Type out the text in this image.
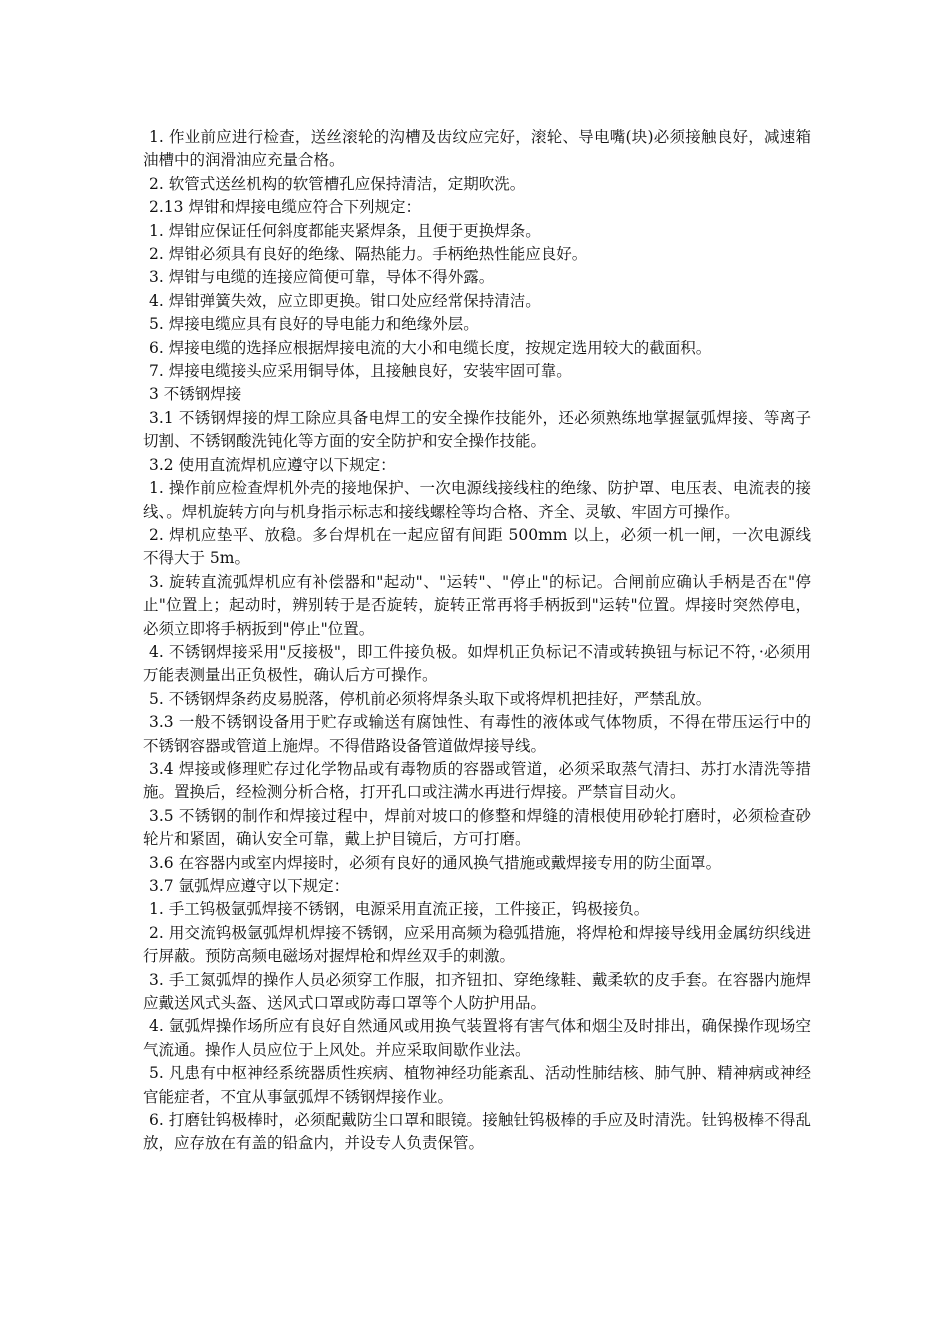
1. 作业前应进行检查，送丝滚轮的沟槽及齿纹应完好，滚轮、导电嘴(块)必须接触良好，减速箱油槽中的润滑油应充量合格。

2. 软管式送丝机构的软管槽孔应保持清洁，定期吹洗。

2.13 焊钳和焊接电缆应符合下列规定：

1. 焊钳应保证任何斜度都能夹紧焊条，且便于更换焊条。

2. 焊钳必须具有良好的绝缘、隔热能力。手柄绝热性能应良好。

3. 焊钳与电缆的连接应简便可靠，导体不得外露。

4. 焊钳弹簧失效，应立即更换。钳口处应经常保持清洁。

5. 焊接电缆应具有良好的导电能力和绝缘外层。

6. 焊接电缆的选择应根据焊接电流的大小和电缆长度，按规定选用较大的截面积。

7. 焊接电缆接头应采用铜导体，且接触良好，安装牢固可靠。

3 不锈钢焊接

3.1 不锈钢焊接的焊工除应具备电焊工的安全操作技能外，还必须熟练地掌握氩弧焊接、等离子切割、不锈钢酸洗钝化等方面的安全防护和安全操作技能。

3.2 使用直流焊机应遵守以下规定：

1. 操作前应检查焊机外壳的接地保护、一次电源线接线柱的绝缘、防护罩、电压表、电流表的接线、。焊机旋转方向与机身指示标志和接线螺栓等均合格、齐全、灵敏、牢固方可操作。

2. 焊机应垫平、放稳。多台焊机在一起应留有间距 500mm 以上，必须一机一闸，一次电源线不得大于 5m。

3. 旋转直流弧焊机应有补偿器和"起动"、"运转"、"停止"的标记。合闸前应确认手柄是否在"停止"位置上；起动时，辨别转于是否旋转，旋转正常再将手柄扳到"运转"位置。焊接时突然停电，必须立即将手柄扳到"停止"位置。

4. 不锈钢焊接采用"反接极"，即工件接负极。如焊机正负标记不清或转换钮与标记不符，·必须用万能表测量出正负极性，确认后方可操作。

5. 不锈钢焊条药皮易脱落，停机前必须将焊条头取下或将焊机把挂好，严禁乱放。

3.3 一般不锈钢设备用于贮存或输送有腐蚀性、有毒性的液体或气体物质，不得在带压运行中的不锈钢容器或管道上施焊。不得借路设备管道做焊接导线。

3.4 焊接或修理贮存过化学物品或有毒物质的容器或管道，必须采取蒸气清扫、苏打水清洗等措施。置换后，经检测分析合格，打开孔口或注满水再进行焊接。严禁盲目动火。

3.5 不锈钢的制作和焊接过程中，焊前对坡口的修整和焊缝的清根使用砂轮打磨时，必须检查砂轮片和紧固，确认安全可靠，戴上护目镜后，方可打磨。

3.6 在容器内或室内焊接时，必须有良好的通风换气措施或戴焊接专用的防尘面罩。

3.7 氩弧焊应遵守以下规定：

1. 手工钨极氩弧焊接不锈钢，电源采用直流正接，工件接正，钨极接负。

2. 用交流钨极氩弧焊机焊接不锈钢，应采用高频为稳弧措施，将焊枪和焊接导线用金属纺织线进行屏蔽。预防高频电磁场对握焊枪和焊丝双手的刺激。

3. 手工氮弧焊的操作人员必须穿工作服，扣齐钮扣、穿绝缘鞋、戴柔软的皮手套。在容器内施焊应戴送风式头盔、送风式口罩或防毒口罩等个人防护用品。

4. 氩弧焊操作场所应有良好自然通风或用换气装置将有害气体和烟尘及时排出，确保操作现场空气流通。操作人员应位于上风处。并应采取间歇作业法。

5. 凡患有中枢神经系统器质性疾病、植物神经功能紊乱、活动性肺结核、肺气肿、精神病或神经官能症者，不宜从事氩弧焊不锈钢焊接作业。

6. 打磨钍钨极棒时，必须配戴防尘口罩和眼镜。接触钍钨极棒的手应及时清洗。钍钨极棒不得乱放，应存放在有盖的铅盒内，并设专人负责保管。
